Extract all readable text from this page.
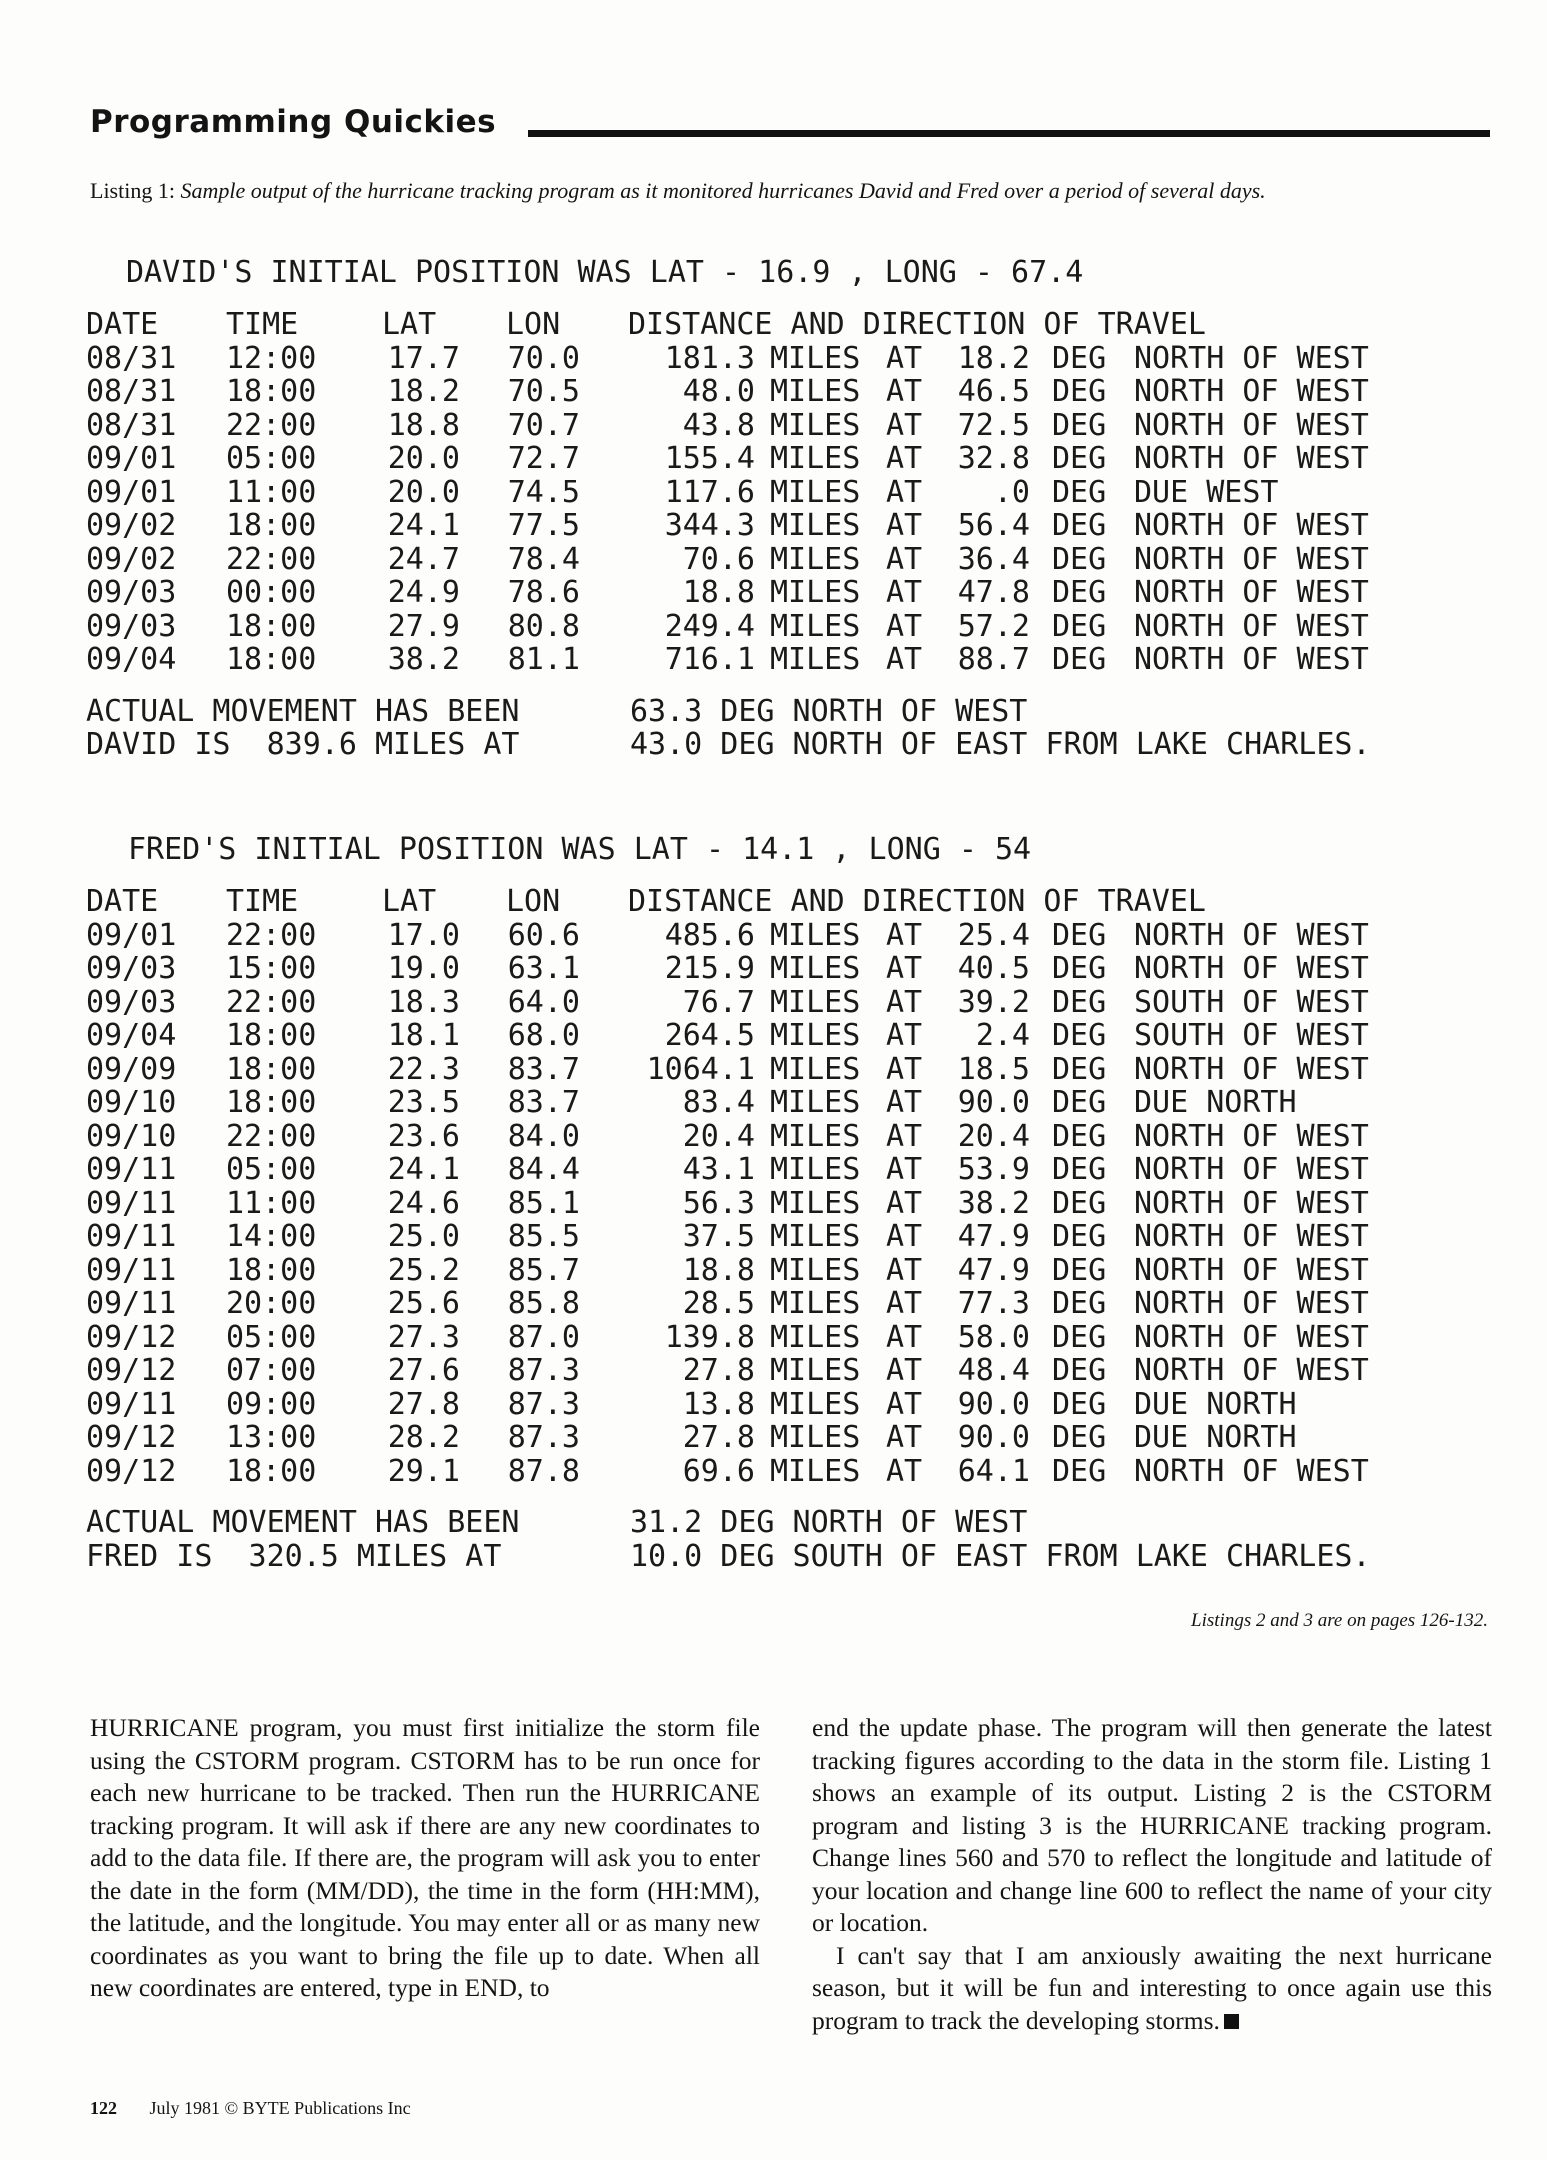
Programming Quickies
Listing 1: Sample output of the hurricane tracking program as it monitored hurricanes David and Fred over a period of several days.
DAVID'S INITIAL POSITION WAS LAT - 16.9 , LONG - 67.4
DATE TIME	LAT LON DISTANCE AND DIRECTION OF TRAVEL
08/31	12:00	17.7	70.0	181.3 MILES AT	18.2 DEG NORTH OF WEST
08/31	18:00	18.2	70.5	48.0 MILES AT	46.5 DEG NORTH OF WEST
08/31	22:00	18.8	70.7	43.8 MILES AT	72.5 DEG NORTH OF WEST
09/01	05:00	20.0	72.7	155.4 MILES AT	32.8 DEG NORTH OF WEST
09/01	11:00	20.0	74.5	117.6 MILES AT	.0 DEG DUE WEST
09/02	18:00	24.1	77.5	344.3 MILES AT	56.4 DEG NORTH OF WEST
09/02	22:00	24.7	78.4	70.6 MILES AT	36.4 DEG NORTH OF WEST
09/03	00:00	24.9	78.6	18.8 MILES AT	47.8 DEG NORTH OF WEST
09/03	18:00	27.9	80.8	249.4 MILES AT	57.2 DEG NORTH OF WEST
09/04	18:00	38.2	81.1	716.1 MILES AT	88.7 DEG NORTH OF WEST
ACTUAL MOVEMENT HAS BEEN	63.3 DEG NORTH OF WEST
DAVID IS  839.6 MILES AT	43.0 DEG NORTH OF EAST FROM LAKE CHARLES.
FRED'S INITIAL POSITION WAS LAT - 14.1 , LONG - 54
DATE TIME	LAT LON DISTANCE AND DIRECTION OF TRAVEL
09/01	22:00	17.0	60.6	485.6 MILES AT	25.4 DEG NORTH OF WEST
09/03	15:00	19.0	63.1	215.9 MILES AT	40.5 DEG NORTH OF WEST
09/03	22:00	18.3	64.0	76.7 MILES AT	39.2 DEG SOUTH OF WEST
09/04	18:00	18.1	68.0	264.5 MILES AT	2.4 DEG SOUTH OF WEST
09/09	18:00	22.3	83.7	1064.1 MILES AT	18.5 DEG NORTH OF WEST
09/10	18:00	23.5	83.7	83.4 MILES AT	90.0 DEG DUE NORTH
09/10	22:00	23.6	84.0	20.4 MILES AT	20.4 DEG NORTH OF WEST
09/11	05:00	24.1	84.4	43.1 MILES AT	53.9 DEG NORTH OF WEST
09/11	11:00	24.6	85.1	56.3 MILES AT	38.2 DEG NORTH OF WEST
09/11	14:00	25.0	85.5	37.5 MILES AT	47.9 DEG NORTH OF WEST
09/11	18:00	25.2	85.7	18.8 MILES AT	47.9 DEG NORTH OF WEST
09/11	20:00	25.6	85.8	28.5 MILES AT	77.3 DEG NORTH OF WEST
09/12	05:00	27.3	87.0	139.8 MILES AT	58.0 DEG NORTH OF WEST
09/12	07:00	27.6	87.3	27.8 MILES AT	48.4 DEG NORTH OF WEST
09/11	09:00	27.8	87.3	13.8 MILES AT	90.0 DEG DUE NORTH
09/12	13:00	28.2	87.3	27.8 MILES AT	90.0 DEG DUE NORTH
09/12	18:00	29.1	87.8	69.6 MILES AT	64.1 DEG NORTH OF WEST
ACTUAL MOVEMENT HAS BEEN	31.2 DEG NORTH OF WEST
FRED IS  320.5 MILES AT	10.0 DEG SOUTH OF EAST FROM LAKE CHARLES.
Listings 2 and 3 are on pages 126-132.
HURRICANE program, you must first initialize the storm file using the CSTORM program. CSTORM has to be run once for each new hurricane to be tracked. Then run the HURRICANE tracking program. It will ask if there are any new coordinates to add to the data file. If there are, the program will ask you to enter the date in the form (MM/DD), the time in the form (HH:MM), the latitude, and the longitude. You may enter all or as many new coordinates as you want to bring the file up to date. When all new coordinates are entered, type in END, to

end the update phase. The program will then generate the latest tracking figures according to the data in the storm file. Listing 1 shows an example of its output. Listing 2 is the CSTORM program and listing 3 is the HURRICANE tracking program. Change lines 560 and 570 to reflect the longitude and latitude of your location and change line 600 to reflect the name of your city or location.

I can't say that I am anxiously awaiting the next hurricane season, but it will be fun and interesting to once again use this program to track the developing storms.

122 July 1981 © BYTE Publications Inc
